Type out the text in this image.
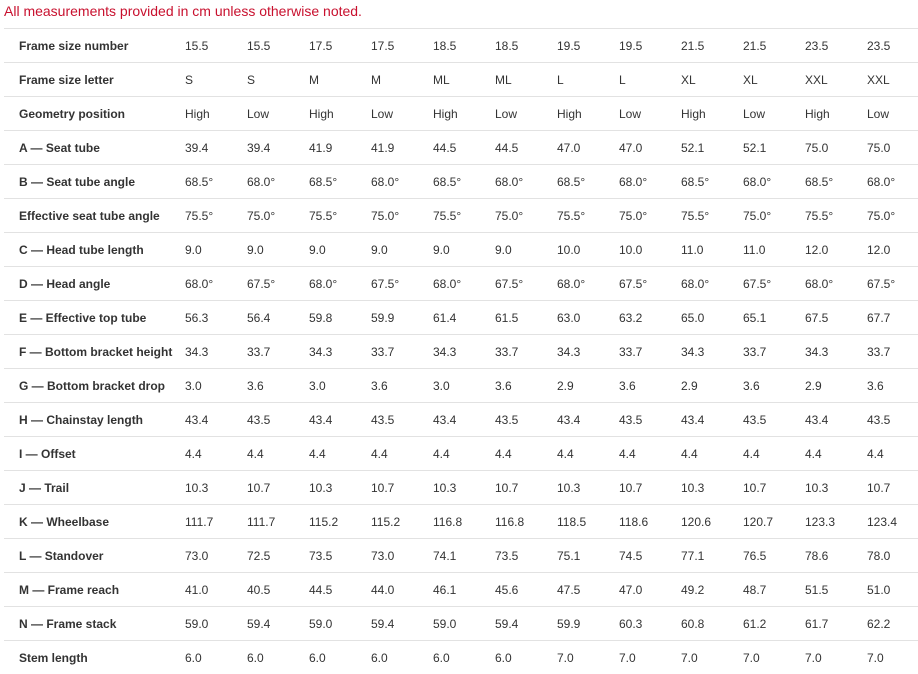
All measurements provided in cm unless otherwise noted.
Frame size number	15.5	15.5	17.5	17.5	18.5	18.5	19.5	19.5	21.5	21.5	23.5	23.5
Frame size letter	S	S	M	M	ML	ML	L	L	XL	XL	XXL	XXL
Geometry position	High	Low	High	Low	High	Low	High	Low	High	Low	High	Low
A — Seat tube	39.4	39.4	41.9	41.9	44.5	44.5	47.0	47.0	52.1	52.1	75.0	75.0
B — Seat tube angle	68.5°	68.0°	68.5°	68.0°	68.5°	68.0°	68.5°	68.0°	68.5°	68.0°	68.5°	68.0°
Effective seat tube angle	75.5°	75.0°	75.5°	75.0°	75.5°	75.0°	75.5°	75.0°	75.5°	75.0°	75.5°	75.0°
C — Head tube length	9.0	9.0	9.0	9.0	9.0	9.0	10.0	10.0	11.0	11.0	12.0	12.0
D — Head angle	68.0°	67.5°	68.0°	67.5°	68.0°	67.5°	68.0°	67.5°	68.0°	67.5°	68.0°	67.5°
E — Effective top tube	56.3	56.4	59.8	59.9	61.4	61.5	63.0	63.2	65.0	65.1	67.5	67.7
F — Bottom bracket height	34.3	33.7	34.3	33.7	34.3	33.7	34.3	33.7	34.3	33.7	34.3	33.7
G — Bottom bracket drop	3.0	3.6	3.0	3.6	3.0	3.6	2.9	3.6	2.9	3.6	2.9	3.6
H — Chainstay length	43.4	43.5	43.4	43.5	43.4	43.5	43.4	43.5	43.4	43.5	43.4	43.5
I — Offset	4.4	4.4	4.4	4.4	4.4	4.4	4.4	4.4	4.4	4.4	4.4	4.4
J — Trail	10.3	10.7	10.3	10.7	10.3	10.7	10.3	10.7	10.3	10.7	10.3	10.7
K — Wheelbase	111.7	111.7	115.2	115.2	116.8	116.8	118.5	118.6	120.6	120.7	123.3	123.4
L — Standover	73.0	72.5	73.5	73.0	74.1	73.5	75.1	74.5	77.1	76.5	78.6	78.0
M — Frame reach	41.0	40.5	44.5	44.0	46.1	45.6	47.5	47.0	49.2	48.7	51.5	51.0
N — Frame stack	59.0	59.4	59.0	59.4	59.0	59.4	59.9	60.3	60.8	61.2	61.7	62.2
Stem length	6.0	6.0	6.0	6.0	6.0	6.0	7.0	7.0	7.0	7.0	7.0	7.0
